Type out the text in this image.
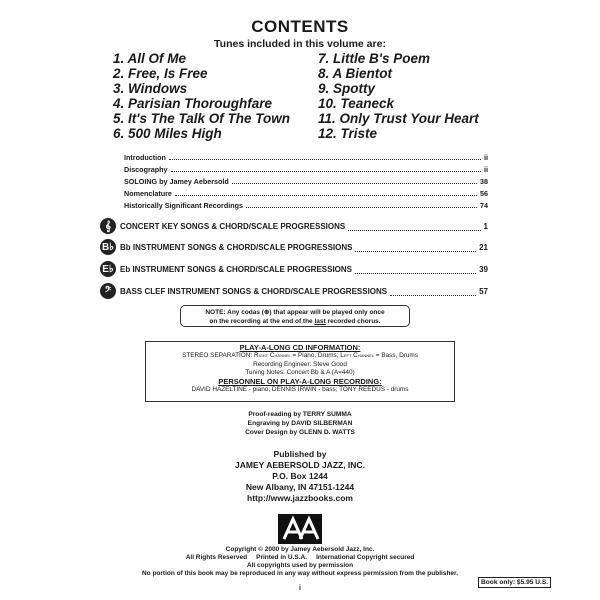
CONTENTS
Tunes included in this volume are:
1. All Of Me
2. Free, Is Free
3. Windows
4. Parisian Thoroughfare
5. It's The Talk Of The Town
6. 500 Miles High
7. Little B's Poem
8. A Bientot
9. Spotty
10. Teaneck
11. Only Trust Your Heart
12. Triste
Introduction	ii
Discography	ii
SOLOING by Jamey Aebersold	38
Nomenclature	56
Historically Significant Recordings	74
𝄞	CONCERT KEY SONGS & CHORD/SCALE PROGRESSIONS	1
B♭ Bb INSTRUMENT SONGS & CHORD/SCALE PROGRESSIONS	21
E♭ Eb INSTRUMENT SONGS & CHORD/SCALE PROGRESSIONS	39
𝄢	BASS CLEF INSTRUMENT SONGS & CHORD/SCALE PROGRESSIONS	57
NOTE: Any codas (⊕) that appear will be played only once
on the recording at the end of the last recorded chorus.
PLAY-A-LONG CD INFORMATION:
STEREO SEPARATION: Right Channel = Piano, Drums; Left Channel = Bass, Drums
Recording Engineer: Steve Good
Tuning Notes: Concert Bb & A (A=440)
PERSONNEL ON PLAY-A-LONG RECORDING:
DAVID HAZELTINE - piano; DENNIS IRWIN - bass; TONY REEDUS - drums
Proof-reading by TERRY SUMMA
Engraving by DAVID SILBERMAN
Cover Design by GLENN D. WATTS
Published by
JAMEY AEBERSOLD JAZZ, INC.
P.O. Box 1244
New Albany, IN 47151-1244
http://www.jazzbooks.com
Copyright © 2000 by Jamey Aebersold Jazz, Inc.
All Rights Reserved     Printed in U.S.A.     International Copyright secured
All copyrights used by permission
No portion of this book may be reproduced in any way without express permission from the publisher.
Book only: $5.95 U.S.
i
